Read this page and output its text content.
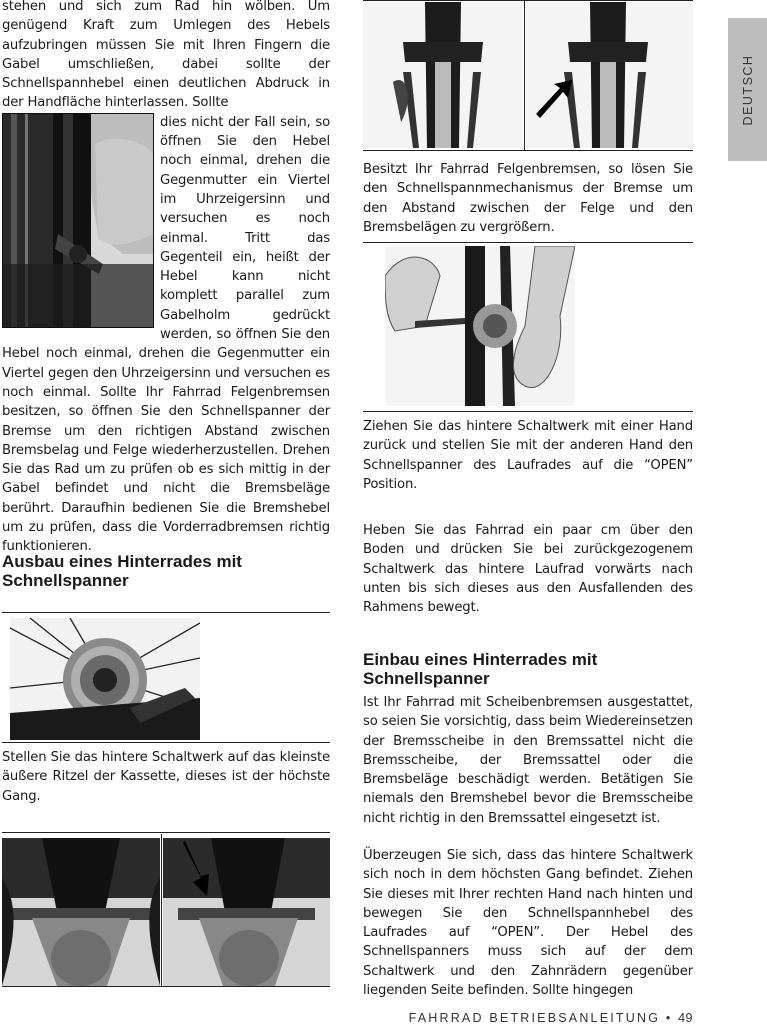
DEUTSCH

stehen und sich zum Rad hin wölben. Um genügend Kraft zum Umlegen des Hebels aufzubringen müssen Sie mit Ihren Fingern die Gabel umschließen, dabei sollte der Schnellspannhebel einen deutlichen Abdruck in der Handfläche hinterlassen. Sollte

dies nicht der Fall sein, so öffnen Sie den Hebel noch einmal, drehen die Gegenmutter ein Viertel im Uhrzeigersinn und versuchen es noch einmal. Tritt das Gegenteil ein, heißt der Hebel kann nicht komplett parallel zum Gabelholm gedrückt werden, so öffnen Sie den Hebel noch einmal, drehen die Gegenmutter ein Viertel gegen den Uhrzeigersinn und versuchen es noch einmal. Sollte Ihr Fahrrad Felgenbremsen besitzen, so öffnen Sie den Schnellspanner der Bremse um den richtigen Abstand zwischen Bremsbelag und Felge wiederherzustellen. Drehen Sie das Rad um zu prüfen ob es sich mittig in der Gabel befindet und nicht die Bremsbeläge berührt. Daraufhin bedienen Sie die Bremshebel um zu prüfen, dass die Vorderradbremsen richtig funktionieren.

Ausbau eines Hinterrades mit Schnellspanner
Stellen Sie das hintere Schaltwerk auf das kleinste äußere Ritzel der Kassette, dieses ist der höchste Gang.
Besitzt Ihr Fahrrad Felgenbremsen, so lösen Sie den Schnellspannmechanismus der Bremse um den Abstand zwischen der Felge und den Bremsbelägen zu vergrößern.
Ziehen Sie das hintere Schaltwerk mit einer Hand zurück und stellen Sie mit der anderen Hand den Schnellspanner des Laufrades auf die “OPEN” Position.
Heben Sie das Fahrrad ein paar cm über den Boden und drücken Sie bei zurückgezogenem Schaltwerk das hintere Laufrad vorwärts nach unten bis sich dieses aus den Ausfallenden des Rahmens bewegt.
Einbau eines Hinterrades mit Schnellspanner
Ist Ihr Fahrrad mit Scheibenbremsen ausgestattet, so seien Sie vorsichtig, dass beim Wiedereinsetzen der Bremsscheibe in den Bremssattel nicht die Bremsscheibe, der Bremssattel oder die Bremsbeläge beschädigt werden. Betätigen Sie niemals den Bremshebel bevor die Bremsscheibe nicht richtig in den Bremssattel eingesetzt ist.
Überzeugen Sie sich, dass das hintere Schaltwerk sich noch in dem höchsten Gang befindet. Ziehen Sie dieses mit Ihrer rechten Hand nach hinten und bewegen Sie den Schnellspannhebel des Laufrades auf “OPEN”. Der Hebel des Schnellspanners muss sich auf der dem Schaltwerk und den Zahnrädern gegenüber liegenden Seite befinden. Sollte hingegen
FAHRRAD BETRIEBSANLEITUNG • 49
